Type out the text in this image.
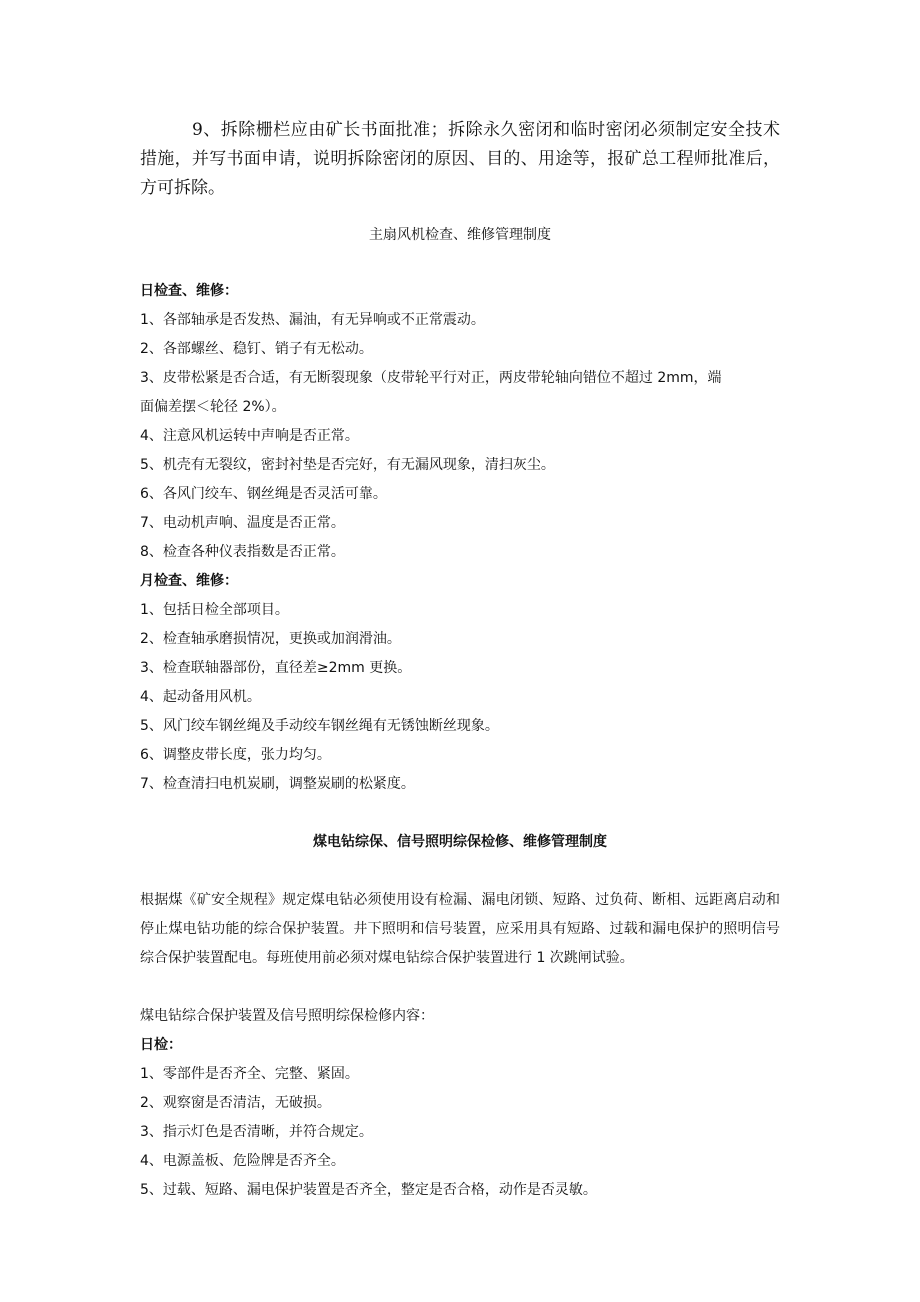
9、拆除栅栏应由矿长书面批准；拆除永久密闭和临时密闭必须制定安全技术措施，并写书面申请，说明拆除密闭的原因、目的、用途等，报矿总工程师批准后，方可拆除。

主扇风机检查、维修管理制度

日检查、维修：

1、各部轴承是否发热、漏油，有无异响或不正常震动。

2、各部螺丝、稳钉、销子有无松动。

3、皮带松紧是否合适，有无断裂现象（皮带轮平行对正，两皮带轮轴向错位不超过 2mm，端

面偏差摆＜轮径 2%）。

4、注意风机运转中声响是否正常。

5、机壳有无裂纹，密封衬垫是否完好，有无漏风现象，清扫灰尘。

6、各风门绞车、钢丝绳是否灵活可靠。

7、电动机声响、温度是否正常。

8、检查各种仪表指数是否正常。

月检查、维修：

1、包括日检全部项目。

2、检查轴承磨损情况，更换或加润滑油。

3、检查联轴器部份，直径差≥2mm 更换。

4、起动备用风机。

5、风门绞车钢丝绳及手动绞车钢丝绳有无锈蚀断丝现象。

6、调整皮带长度，张力均匀。

7、检查清扫电机炭刷，调整炭刷的松紧度。

煤电钻综保、信号照明综保检修、维修管理制度

根据煤《矿安全规程》规定煤电钻必须使用设有检漏、漏电闭锁、短路、过负荷、断相、远距离启动和停止煤电钻功能的综合保护装置。井下照明和信号装置，应采用具有短路、过载和漏电保护的照明信号综合保护装置配电。每班使用前必须对煤电钻综合保护装置进行 1 次跳闸试验。

煤电钻综合保护装置及信号照明综保检修内容：

日检：

1、零部件是否齐全、完整、紧固。

2、观察窗是否清洁，无破损。

3、指示灯色是否清晰，并符合规定。

4、电源盖板、危险牌是否齐全。

5、过载、短路、漏电保护装置是否齐全，整定是否合格，动作是否灵敏。
